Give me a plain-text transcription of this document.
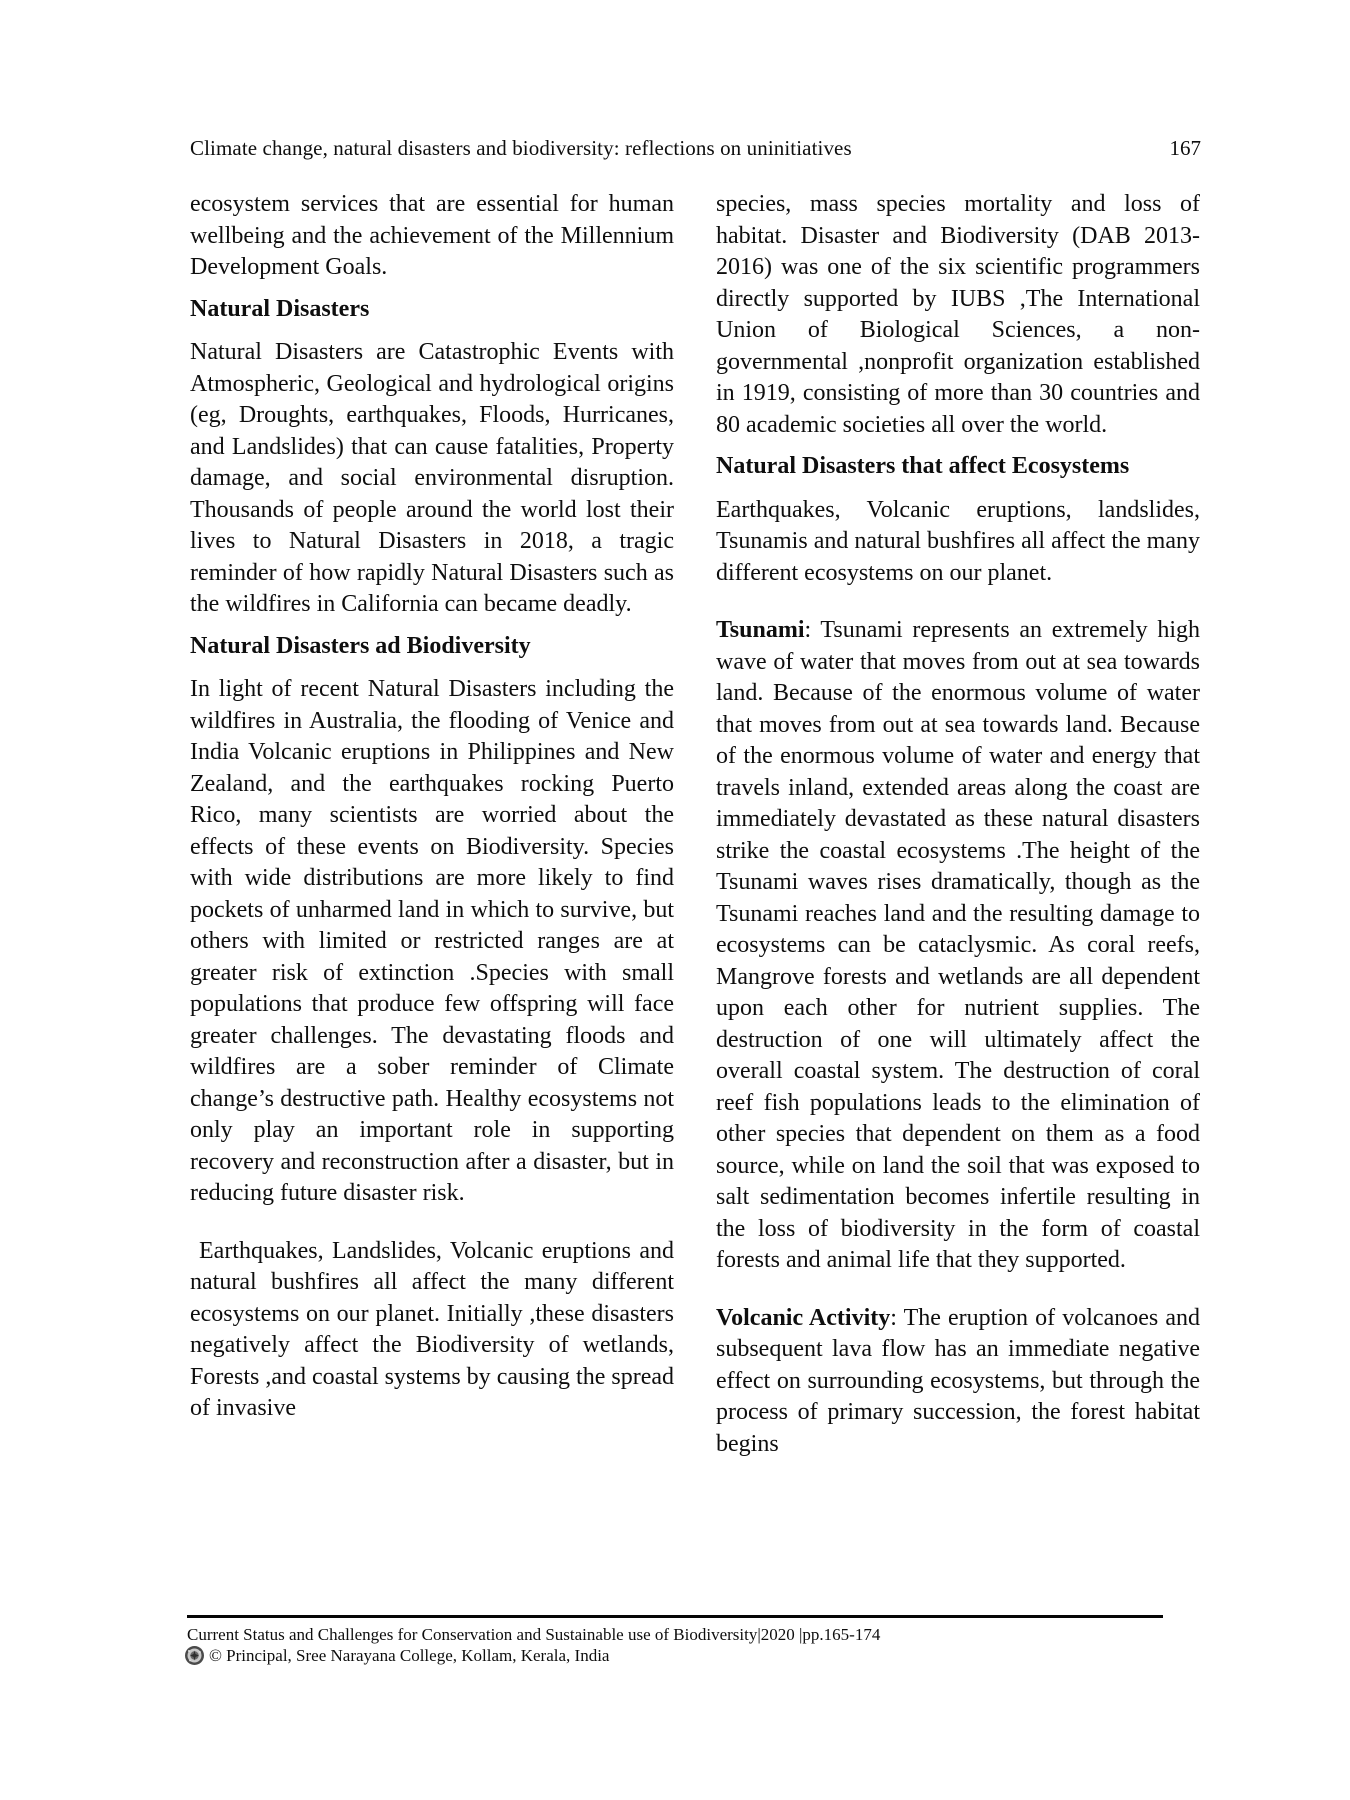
Climate change, natural disasters and biodiversity: reflections on uninitiatives	167

ecosystem services that are essential for human wellbeing and the achievement of the Millennium Development Goals.

Natural Disasters

Natural Disasters are Catastrophic Events with Atmospheric, Geological and hydrological origins (eg, Droughts, earthquakes, Floods, Hurricanes, and Landslides) that can cause fatalities, Property damage, and social environmental disruption. Thousands of people around the world lost their lives to Natural Disasters in 2018, a tragic reminder of how rapidly Natural Disasters such as the wildfires in California can became deadly.

Natural Disasters ad Biodiversity

In light of recent Natural Disasters including the wildfires in Australia, the flooding of Venice and India Volcanic eruptions in Philippines and New Zealand, and the earthquakes rocking Puerto Rico, many scientists are worried about the effects of these events on Biodiversity. Species with wide distributions are more likely to find pockets of unharmed land in which to survive, but others with limited or restricted ranges are at greater risk of extinction .Species with small populations that produce few offspring will face greater challenges. The devastating floods and wildfires are a sober reminder of Climate change’s destructive path. Healthy ecosystems not only play an important role in supporting recovery and reconstruction after a disaster, but in reducing future disaster risk.

Earthquakes, Landslides, Volcanic eruptions and natural bushfires all affect the many different ecosystems on our planet. Initially ,these disasters negatively affect the Biodiversity of wetlands, Forests ,and coastal systems by causing the spread of invasive

species, mass species mortality and loss of habitat. Disaster and Biodiversity (DAB 2013-2016) was one of the six scientific programmers directly supported by IUBS ,The International Union of Biological Sciences, a non-governmental ,nonprofit organization established in 1919, consisting of more than 30 countries and 80 academic societies all over the world.

Natural Disasters that affect Ecosystems

Earthquakes, Volcanic eruptions, landslides, Tsunamis and natural bushfires all affect the many different ecosystems on our planet.

Tsunami: Tsunami represents an extremely high wave of water that moves from out at sea towards land. Because of the enormous volume of water that moves from out at sea towards land. Because of the enormous volume of water and energy that travels inland, extended areas along the coast are immediately devastated as these natural disasters strike the coastal ecosystems .The height of the Tsunami waves rises dramatically, though as the Tsunami reaches land and the resulting damage to ecosystems can be cataclysmic. As coral reefs, Mangrove forests and wetlands are all dependent upon each other for nutrient supplies. The destruction of one will ultimately affect the overall coastal system. The destruction of coral reef fish populations leads to the elimination of other species that dependent on them as a food source, while on land the soil that was exposed to salt sedimentation becomes infertile resulting in the loss of biodiversity in the form of coastal forests and animal life that they supported.

Volcanic Activity: The eruption of volcanoes and subsequent lava flow has an immediate negative effect on surrounding ecosystems, but through the process of primary succession, the forest habitat begins

Current Status and Challenges for Conservation and Sustainable use of Biodiversity|2020 |pp.165-174
© Principal, Sree Narayana College, Kollam, Kerala, India
